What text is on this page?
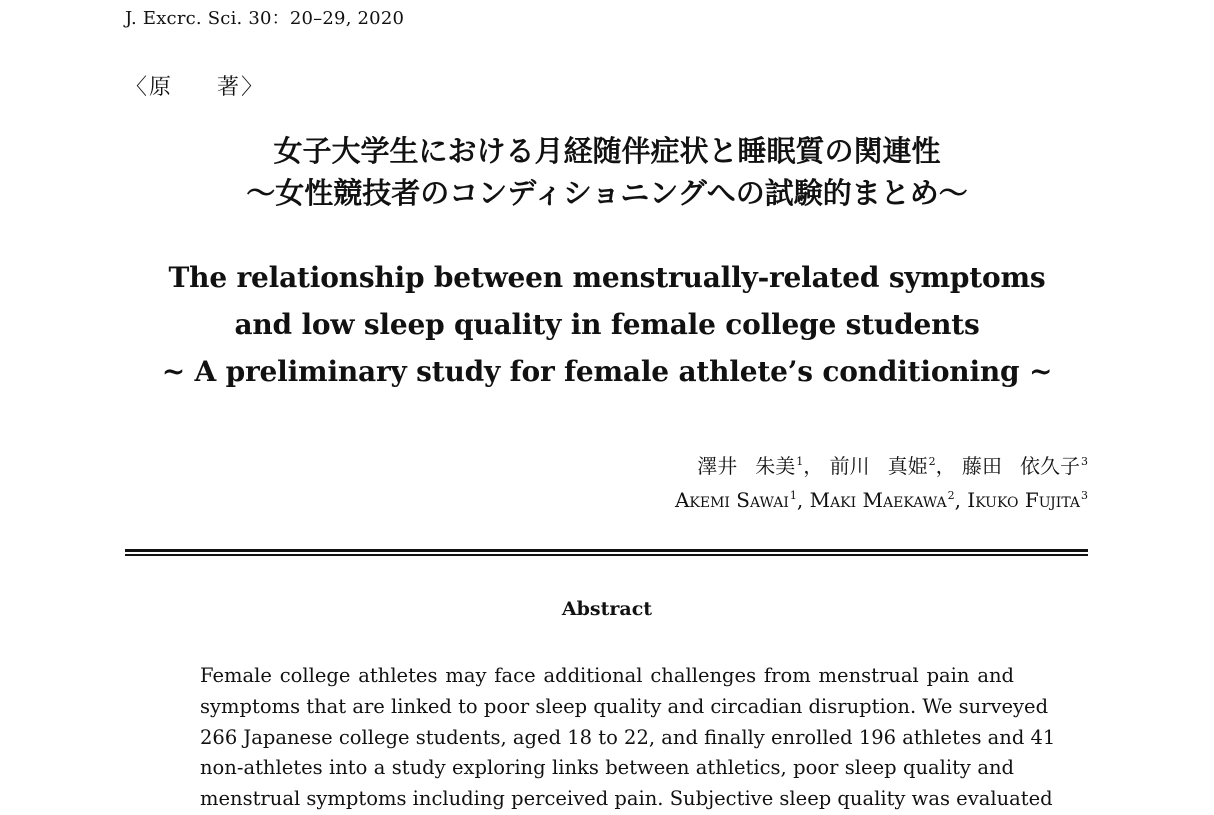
J. Excrc. Sci. 30：20–29, 2020
〈 原 著 〉
女子大学生における月経随伴症状と睡眠質の関連性
〜女性競技者のコンディショニングへの試験的まとめ〜
The relationship between menstrually-related symptoms
and low sleep quality in female college students
~ A preliminary study for female athlete’s conditioning ~
澤井 朱美$^1$， 前川 真姫$^2$， 藤田 依久子$^3$
Akemi Sawai$^1$, Maki Maekawa$^2$, Ikuko Fujita$^3$
Abstract
Female college athletes may face additional challenges from menstrual pain and
symptoms that are linked to poor sleep quality and circadian disruption. We surveyed
266 Japanese college students, aged 18 to 22, and finally enrolled 196 athletes and 41
non-athletes into a study exploring links between athletics, poor sleep quality and
menstrual symptoms including perceived pain. Subjective sleep quality was evaluated
